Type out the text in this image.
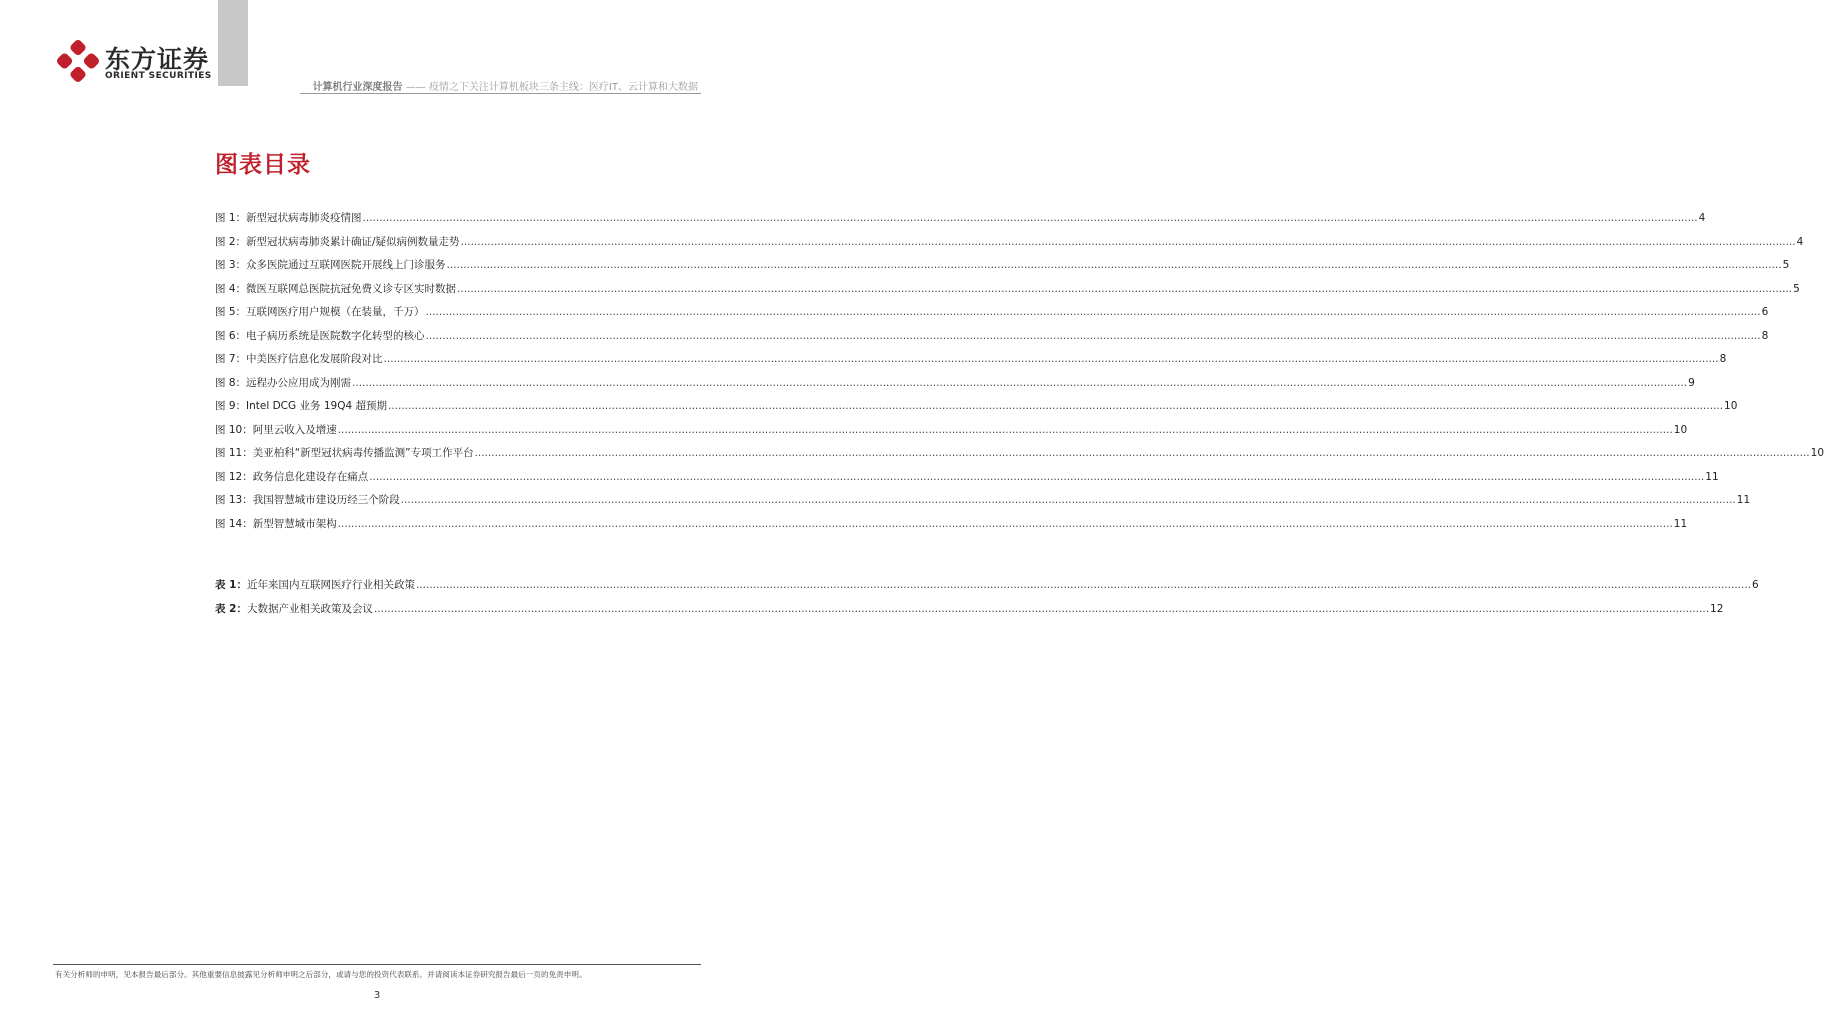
东方证券
ORIENT SECURITIES
计算机行业深度报告 —— 疫情之下关注计算机板块三条主线：医疗IT、云计算和大数据
图表目录
图 1：新型冠状病毒肺炎疫情图 ................................................................................................................................................................................................................................................................................................................................................................................................................ 4
图 2：新型冠状病毒肺炎累计确证/疑似病例数量走势 ................................................................................................................................................................................................................................................................................................................................................................................................................ 4
图 3：众多医院通过互联网医院开展线上门诊服务 ................................................................................................................................................................................................................................................................................................................................................................................................................ 5
图 4：微医互联网总医院抗冠免费义诊专区实时数据 ................................................................................................................................................................................................................................................................................................................................................................................................................ 5
图 5：互联网医疗用户规模（在装量，千万） ................................................................................................................................................................................................................................................................................................................................................................................................................ 6
图 6：电子病历系统是医院数字化转型的核心 ................................................................................................................................................................................................................................................................................................................................................................................................................ 8
图 7：中美医疗信息化发展阶段对比 ................................................................................................................................................................................................................................................................................................................................................................................................................ 8
图 8：远程办公应用成为刚需 ................................................................................................................................................................................................................................................................................................................................................................................................................ 9
图 9：Intel DCG 业务 19Q4 超预期 ................................................................................................................................................................................................................................................................................................................................................................................................................ 10
图 10：阿里云收入及增速 ................................................................................................................................................................................................................................................................................................................................................................................................................ 10
图 11：美亚柏科“新型冠状病毒传播监测”专项工作平台 ................................................................................................................................................................................................................................................................................................................................................................................................................ 10
图 12：政务信息化建设存在痛点 ................................................................................................................................................................................................................................................................................................................................................................................................................ 11
图 13：我国智慧城市建设历经三个阶段 ................................................................................................................................................................................................................................................................................................................................................................................................................ 11
图 14：新型智慧城市架构 ................................................................................................................................................................................................................................................................................................................................................................................................................ 11
表 1：近年来国内互联网医疗行业相关政策 ................................................................................................................................................................................................................................................................................................................................................................................................................ 6
表 2：大数据产业相关政策及会议 ................................................................................................................................................................................................................................................................................................................................................................................................................ 12
有关分析师的申明，见本报告最后部分。其他重要信息披露见分析师申明之后部分，或请与您的投资代表联系。并请阅读本证券研究报告最后一页的免责申明。
3
